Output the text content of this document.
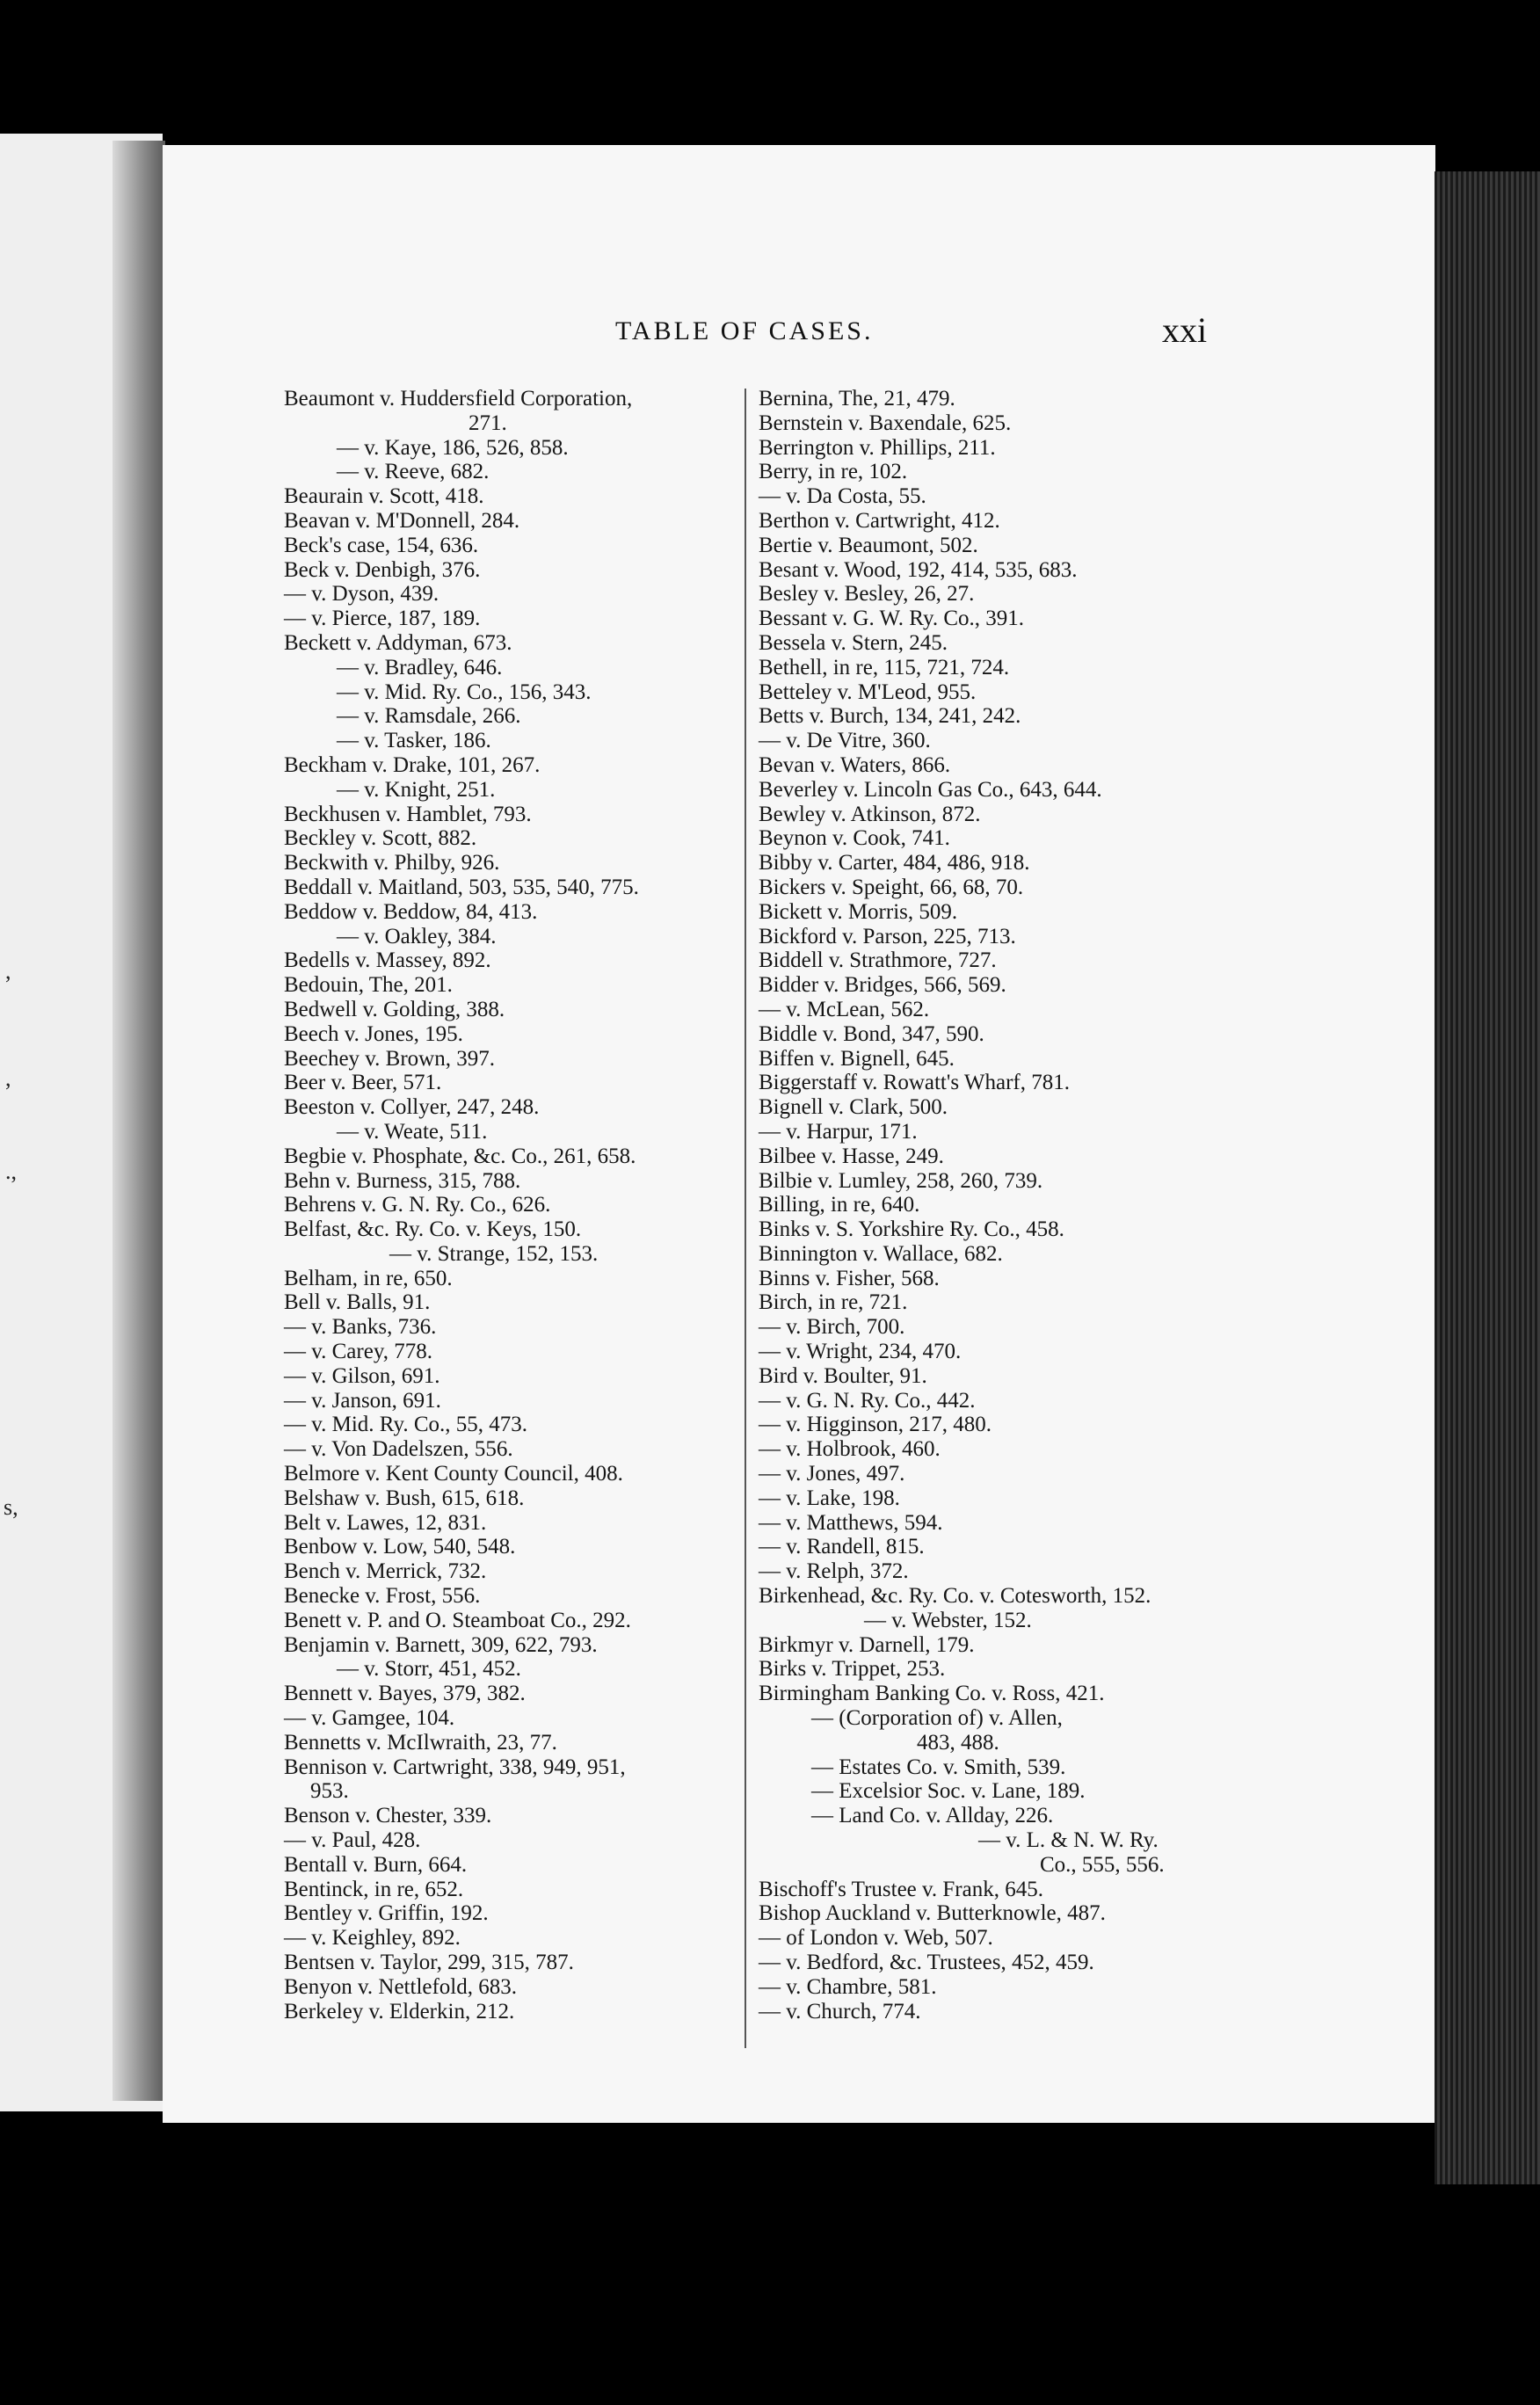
,
,
.,
s,
TABLE OF CASES.	xxi
Beaumont v. Huddersfield Corporation,
271.
— v. Kaye, 186, 526, 858.
— v. Reeve, 682.
Beaurain v. Scott, 418.
Beavan v. M'Donnell, 284.
Beck's case, 154, 636.
Beck v. Denbigh, 376.
— v. Dyson, 439.
— v. Pierce, 187, 189.
Beckett v. Addyman, 673.
— v. Bradley, 646.
— v. Mid. Ry. Co., 156, 343.
— v. Ramsdale, 266.
— v. Tasker, 186.
Beckham v. Drake, 101, 267.
— v. Knight, 251.
Beckhusen v. Hamblet, 793.
Beckley v. Scott, 882.
Beckwith v. Philby, 926.
Beddall v. Maitland, 503, 535, 540, 775.
Beddow v. Beddow, 84, 413.
— v. Oakley, 384.
Bedells v. Massey, 892.
Bedouin, The, 201.
Bedwell v. Golding, 388.
Beech v. Jones, 195.
Beechey v. Brown, 397.
Beer v. Beer, 571.
Beeston v. Collyer, 247, 248.
— v. Weate, 511.
Begbie v. Phosphate, &c. Co., 261, 658.
Behn v. Burness, 315, 788.
Behrens v. G. N. Ry. Co., 626.
Belfast, &c. Ry. Co. v. Keys, 150.
— v. Strange, 152, 153.
Belham, in re, 650.
Bell v. Balls, 91.
— v. Banks, 736.
— v. Carey, 778.
— v. Gilson, 691.
— v. Janson, 691.
— v. Mid. Ry. Co., 55, 473.
— v. Von Dadelszen, 556.
Belmore v. Kent County Council, 408.
Belshaw v. Bush, 615, 618.
Belt v. Lawes, 12, 831.
Benbow v. Low, 540, 548.
Bench v. Merrick, 732.
Benecke v. Frost, 556.
Benett v. P. and O. Steamboat Co., 292.
Benjamin v. Barnett, 309, 622, 793.
— v. Storr, 451, 452.
Bennett v. Bayes, 379, 382.
— v. Gamgee, 104.
Bennetts v. McIlwraith, 23, 77.
Bennison v. Cartwright, 338, 949, 951,
953.
Benson v. Chester, 339.
— v. Paul, 428.
Bentall v. Burn, 664.
Bentinck, in re, 652.
Bentley v. Griffin, 192.
— v. Keighley, 892.
Bentsen v. Taylor, 299, 315, 787.
Benyon v. Nettlefold, 683.
Berkeley v. Elderkin, 212.
Bernina, The, 21, 479.
Bernstein v. Baxendale, 625.
Berrington v. Phillips, 211.
Berry, in re, 102.
— v. Da Costa, 55.
Berthon v. Cartwright, 412.
Bertie v. Beaumont, 502.
Besant v. Wood, 192, 414, 535, 683.
Besley v. Besley, 26, 27.
Bessant v. G. W. Ry. Co., 391.
Bessela v. Stern, 245.
Bethell, in re, 115, 721, 724.
Betteley v. M'Leod, 955.
Betts v. Burch, 134, 241, 242.
— v. De Vitre, 360.
Bevan v. Waters, 866.
Beverley v. Lincoln Gas Co., 643, 644.
Bewley v. Atkinson, 872.
Beynon v. Cook, 741.
Bibby v. Carter, 484, 486, 918.
Bickers v. Speight, 66, 68, 70.
Bickett v. Morris, 509.
Bickford v. Parson, 225, 713.
Biddell v. Strathmore, 727.
Bidder v. Bridges, 566, 569.
— v. McLean, 562.
Biddle v. Bond, 347, 590.
Biffen v. Bignell, 645.
Biggerstaff v. Rowatt's Wharf, 781.
Bignell v. Clark, 500.
— v. Harpur, 171.
Bilbee v. Hasse, 249.
Bilbie v. Lumley, 258, 260, 739.
Billing, in re, 640.
Binks v. S. Yorkshire Ry. Co., 458.
Binnington v. Wallace, 682.
Binns v. Fisher, 568.
Birch, in re, 721.
— v. Birch, 700.
— v. Wright, 234, 470.
Bird v. Boulter, 91.
— v. G. N. Ry. Co., 442.
— v. Higginson, 217, 480.
— v. Holbrook, 460.
— v. Jones, 497.
— v. Lake, 198.
— v. Matthews, 594.
— v. Randell, 815.
— v. Relph, 372.
Birkenhead, &c. Ry. Co. v. Cotesworth, 152.
— v. Webster, 152.
Birkmyr v. Darnell, 179.
Birks v. Trippet, 253.
Birmingham Banking Co. v. Ross, 421.
— (Corporation of) v. Allen,
483, 488.
— Estates Co. v. Smith, 539.
— Excelsior Soc. v. Lane, 189.
— Land Co. v. Allday, 226.
— v. L. & N. W. Ry.
Co., 555, 556.
Bischoff's Trustee v. Frank, 645.
Bishop Auckland v. Butterknowle, 487.
— of London v. Web, 507.
— v. Bedford, &c. Trustees, 452, 459.
— v. Chambre, 581.
— v. Church, 774.
